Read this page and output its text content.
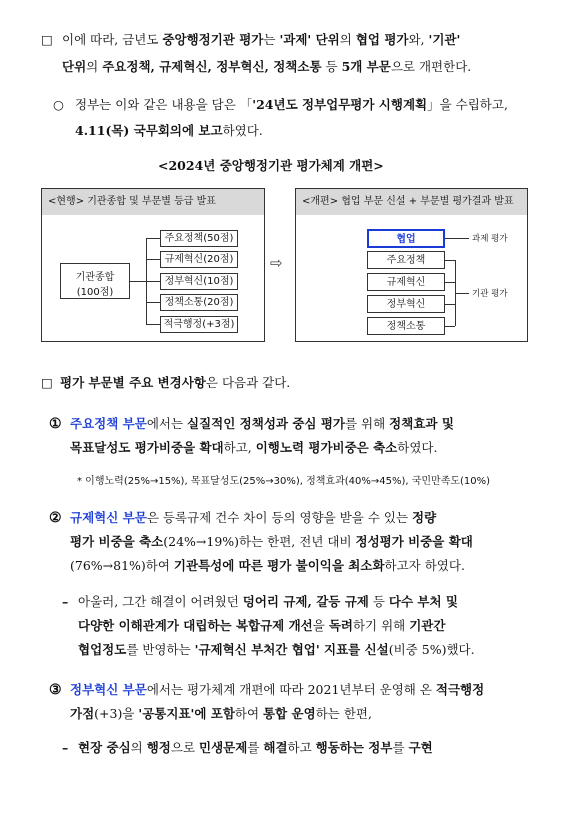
□ 이에 따라, 금년도 중앙행정기관 평가는 '과제' 단위의 협업 평가와, '기관'
단위의 주요정책, 규제혁신, 정부혁신, 정책소통 등 5개 부문으로 개편한다.
○ 정부는 이와 같은 내용을 담은 「'24년도 정부업무평가 시행계획」을 수립하고,
4.11(목) 국무회의에 보고하였다.
<2024년 중앙행정기관 평가체계 개편>
<현행> 기관종합 및 부문별 등급 발표
기관종합
(100점)
주요정책(50점)
규제혁신(20점)
정부혁신(10점)
정책소통(20점)
적극행정(+3점)
⇨
<개편> 협업 부문 신설 + 부문별 평가결과 발표
협업	과제 평가
주요정책
규제혁신
정부혁신
정책소통
기관 평가
□ 평가 부문별 주요 변경사항은 다음과 같다.
① 주요정책 부문에서는 실질적인 정책성과 중심 평가를 위해 정책효과 및
목표달성도 평가비중을 확대하고, 이행노력 평가비중은 축소하였다.
* 이행노력(25%→15%), 목표달성도(25%→30%), 정책효과(40%→45%), 국민만족도(10%)
② 규제혁신 부문은 등록규제 건수 차이 등의 영향을 받을 수 있는 정량
평가 비중을 축소(24%→19%)하는 한편, 전년 대비 정성평가 비중을 확대
(76%→81%)하여 기관특성에 따른 평가 불이익을 최소화하고자 하였다.
– 아울러, 그간 해결이 어려웠던 덩어리 규제, 갈등 규제 등 다수 부처 및
다양한 이해관계가 대립하는 복합규제 개선을 독려하기 위해 기관간
협업정도를 반영하는 '규제혁신 부처간 협업' 지표를 신설(비중 5%)했다.
③ 정부혁신 부문에서는 평가체계 개편에 따라 2021년부터 운영해 온 적극행정
가점(+3)을 '공통지표'에 포함하여 통합 운영하는 한편,
– 현장 중심의 행정으로 민생문제를 해결하고 행동하는 정부를 구현
